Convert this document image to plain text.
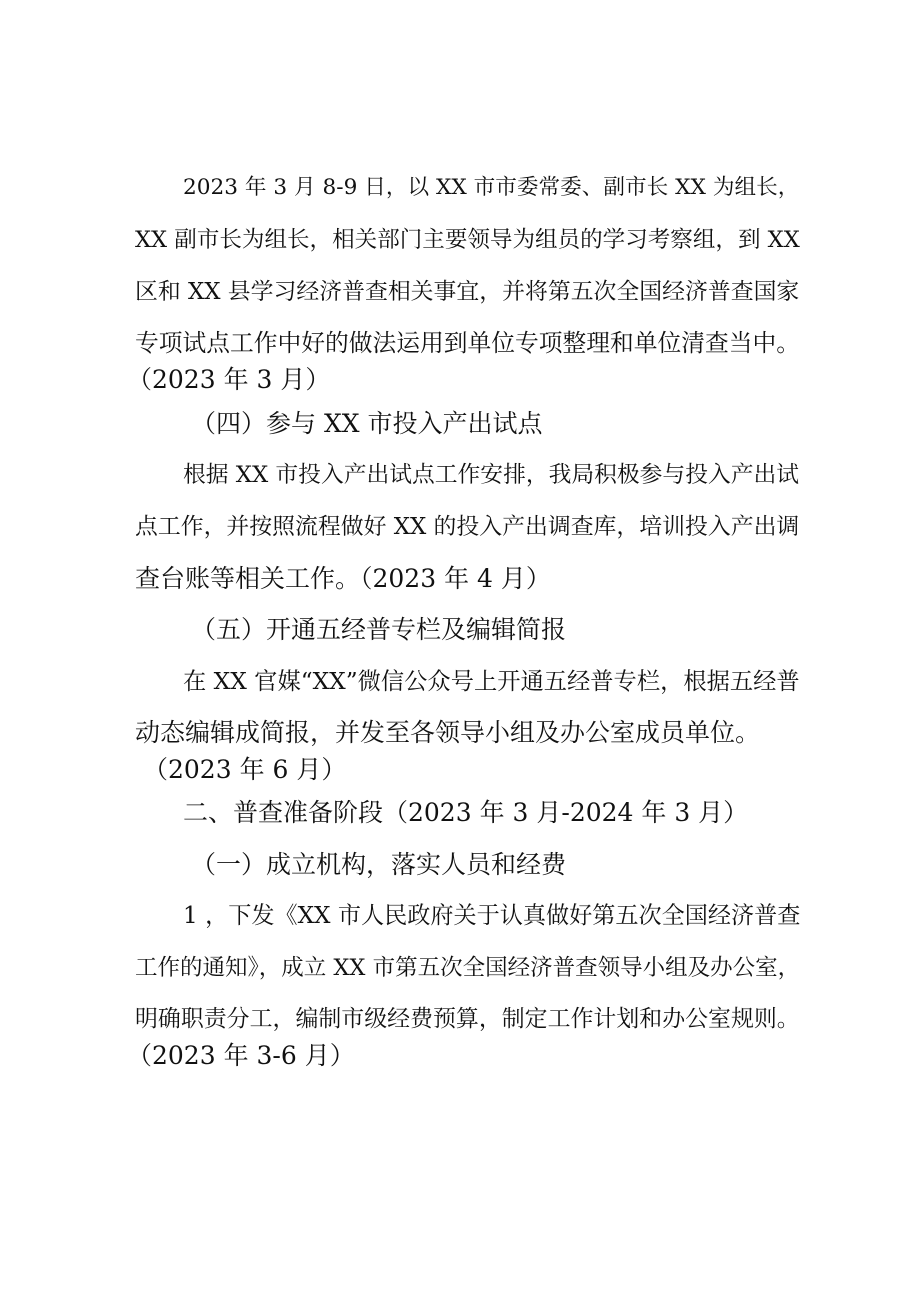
2023 年 3 月 8-9 日，以 XX 市市委常委、副市长 XX 为组长，
XX 副市长为组长，相关部门主要领导为组员的学习考察组，到 XX
区和 XX 县学习经济普查相关事宜，并将第五次全国经济普查国家
专项试点工作中好的做法运用到单位专项整理和单位清查当中。
（2023 年 3 月）
（四）参与 XX 市投入产出试点
根据 XX 市投入产出试点工作安排，我局积极参与投入产出试
点工作，并按照流程做好 XX 的投入产出调查库，培训投入产出调
查台账等相关工作。（2023 年 4 月）
（五）开通五经普专栏及编辑简报
在 XX 官媒“XX”微信公众号上开通五经普专栏，根据五经普
动态编辑成简报，并发至各领导小组及办公室成员单位。
（2023 年 6 月）
二、普查准备阶段（2023 年 3 月-2024 年 3 月）
（一）成立机构，落实人员和经费
1 ，下发《XX 市人民政府关于认真做好第五次全国经济普查
工作的通知》，成立 XX 市第五次全国经济普查领导小组及办公室，
明确职责分工，编制市级经费预算，制定工作计划和办公室规则。
（2023 年 3-6 月）
